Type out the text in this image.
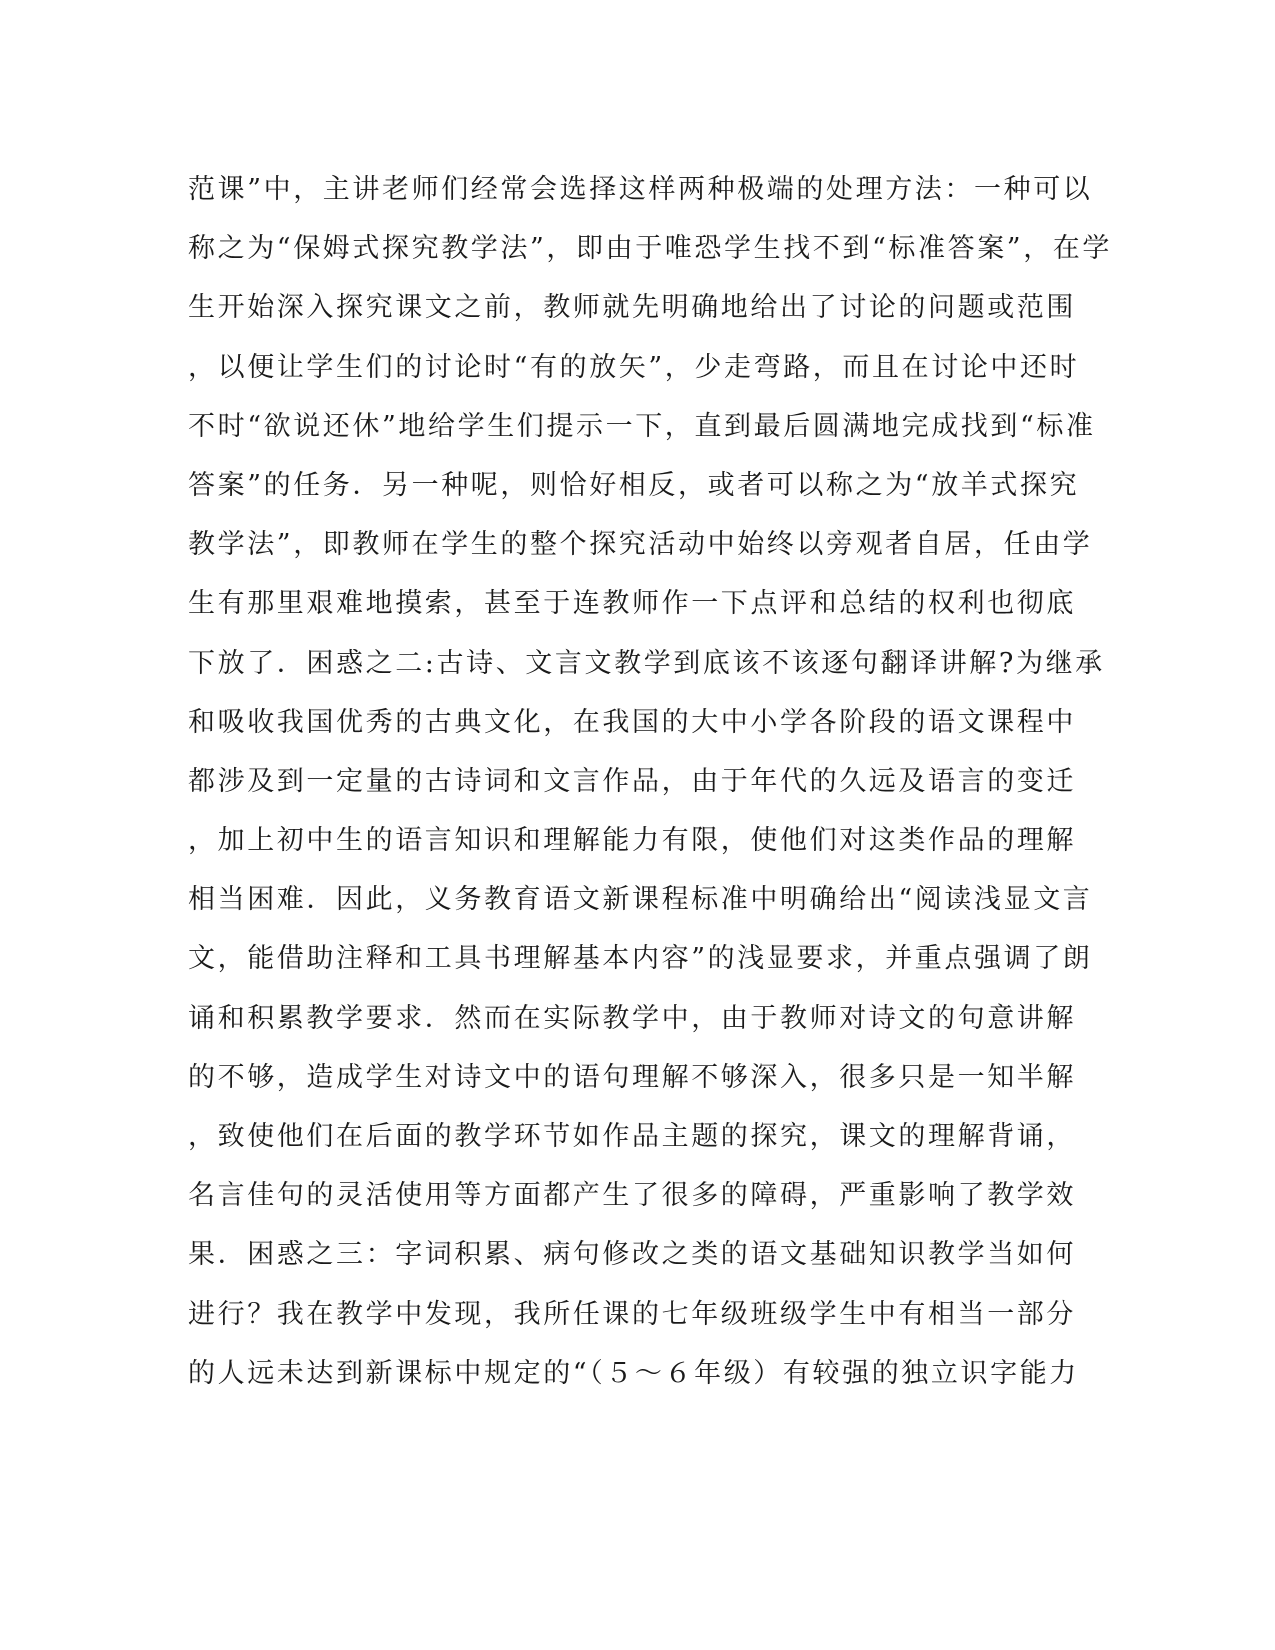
范课”中，主讲老师们经常会选择这样两种极端的处理方法：一种可以
称之为“保姆式探究教学法”，即由于唯恐学生找不到“标准答案”，在学
生开始深入探究课文之前，教师就先明确地给出了讨论的问题或范围
，以便让学生们的讨论时“有的放矢”，少走弯路，而且在讨论中还时
不时“欲说还休”地给学生们提示一下，直到最后圆满地完成找到“标准
答案”的任务．另一种呢，则恰好相反，或者可以称之为“放羊式探究
教学法”，即教师在学生的整个探究活动中始终以旁观者自居，任由学
生有那里艰难地摸索，甚至于连教师作一下点评和总结的权利也彻底
下放了．困惑之二:古诗、文言文教学到底该不该逐句翻译讲解?为继承
和吸收我国优秀的古典文化，在我国的大中小学各阶段的语文课程中
都涉及到一定量的古诗词和文言作品，由于年代的久远及语言的变迁
，加上初中生的语言知识和理解能力有限，使他们对这类作品的理解
相当困难．因此，义务教育语文新课程标准中明确给出“阅读浅显文言
文，能借助注释和工具书理解基本内容”的浅显要求，并重点强调了朗
诵和积累教学要求．然而在实际教学中，由于教师对诗文的句意讲解
的不够，造成学生对诗文中的语句理解不够深入，很多只是一知半解
，致使他们在后面的教学环节如作品主题的探究，课文的理解背诵，
名言佳句的灵活使用等方面都产生了很多的障碍，严重影响了教学效
果．困惑之三：字词积累、病句修改之类的语文基础知识教学当如何
进行？我在教学中发现，我所任课的七年级班级学生中有相当一部分
的人远未达到新课标中规定的“（５～６年级）有较强的独立识字能力
